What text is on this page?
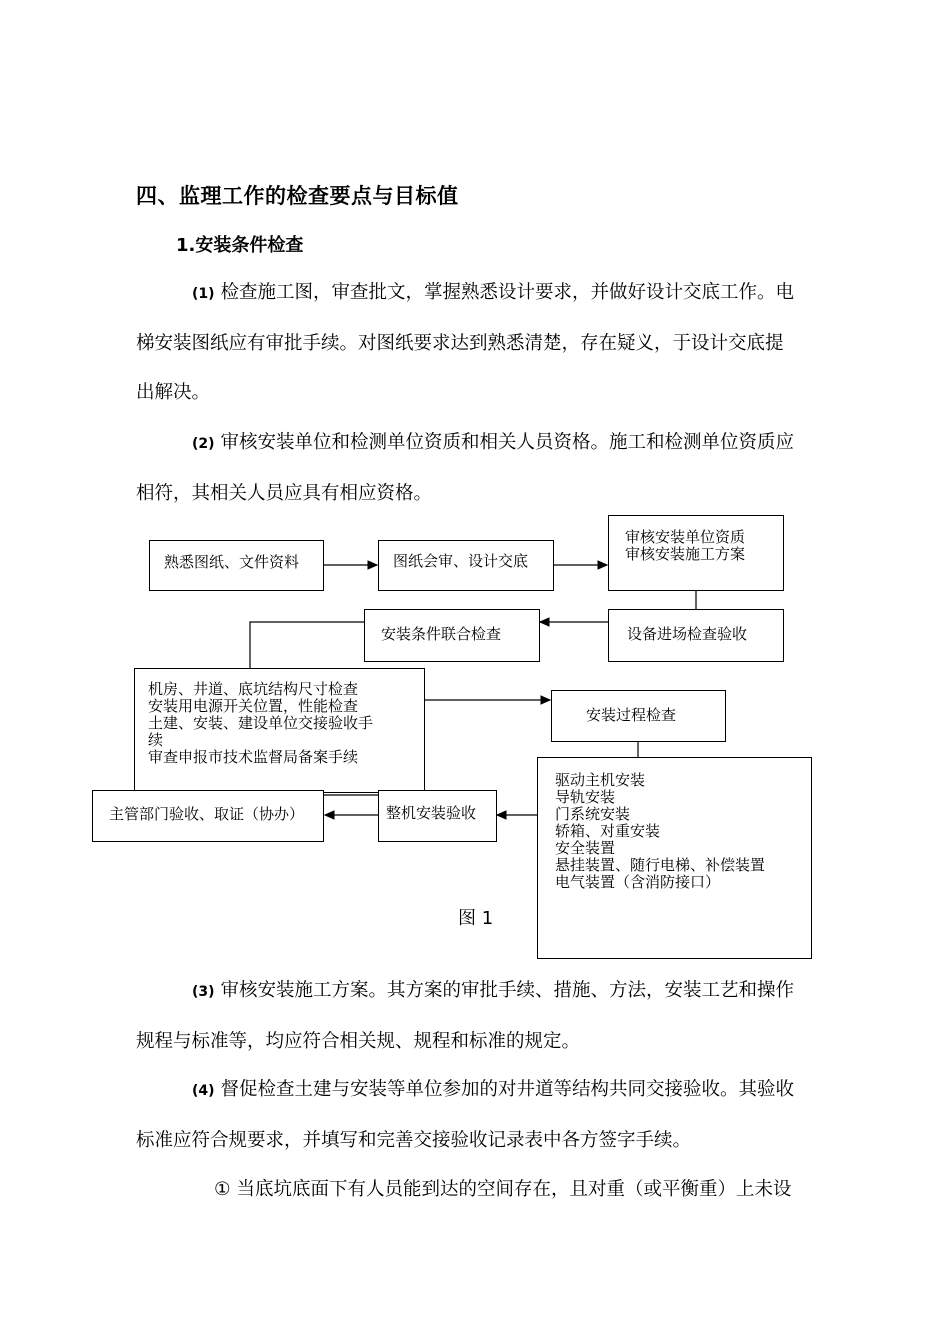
四、监理工作的检查要点与目标值
1.安装条件检查
(1) 检查施工图，审查批文，掌握熟悉设计要求，并做好设计交底工作。电
梯安装图纸应有审批手续。对图纸要求达到熟悉清楚，存在疑义，于设计交底提
出解决。
(2) 审核安装单位和检测单位资质和相关人员资格。施工和检测单位资质应
相符，其相关人员应具有相应资格。
熟悉图纸、文件资料	图纸会审、设计交底
审核安装单位资质
审核安装施工方案
设备进场检查验收
安装条件联合检查
机房、井道、底坑结构尺寸检查
安装用电源开关位置，性能检查
土建、安装、建设单位交接验收手
续
审查申报市技术监督局备案手续
安装过程检查
驱动主机安装
导轨安装
门系统安装
轿箱、对重安装
安全装置
悬挂装置、随行电梯、补偿装置
电气装置（含消防接口）
整机安装验收
主管部门验收、取证（协办）
图 1
(3) 审核安装施工方案。其方案的审批手续、措施、方法，安装工艺和操作
规程与标准等，均应符合相关规、规程和标准的规定。
(4) 督促检查土建与安装等单位参加的对井道等结构共同交接验收。其验收
标准应符合规要求，并填写和完善交接验收记录表中各方签字手续。
① 当底坑底面下有人员能到达的空间存在，且对重（或平衡重）上未设
